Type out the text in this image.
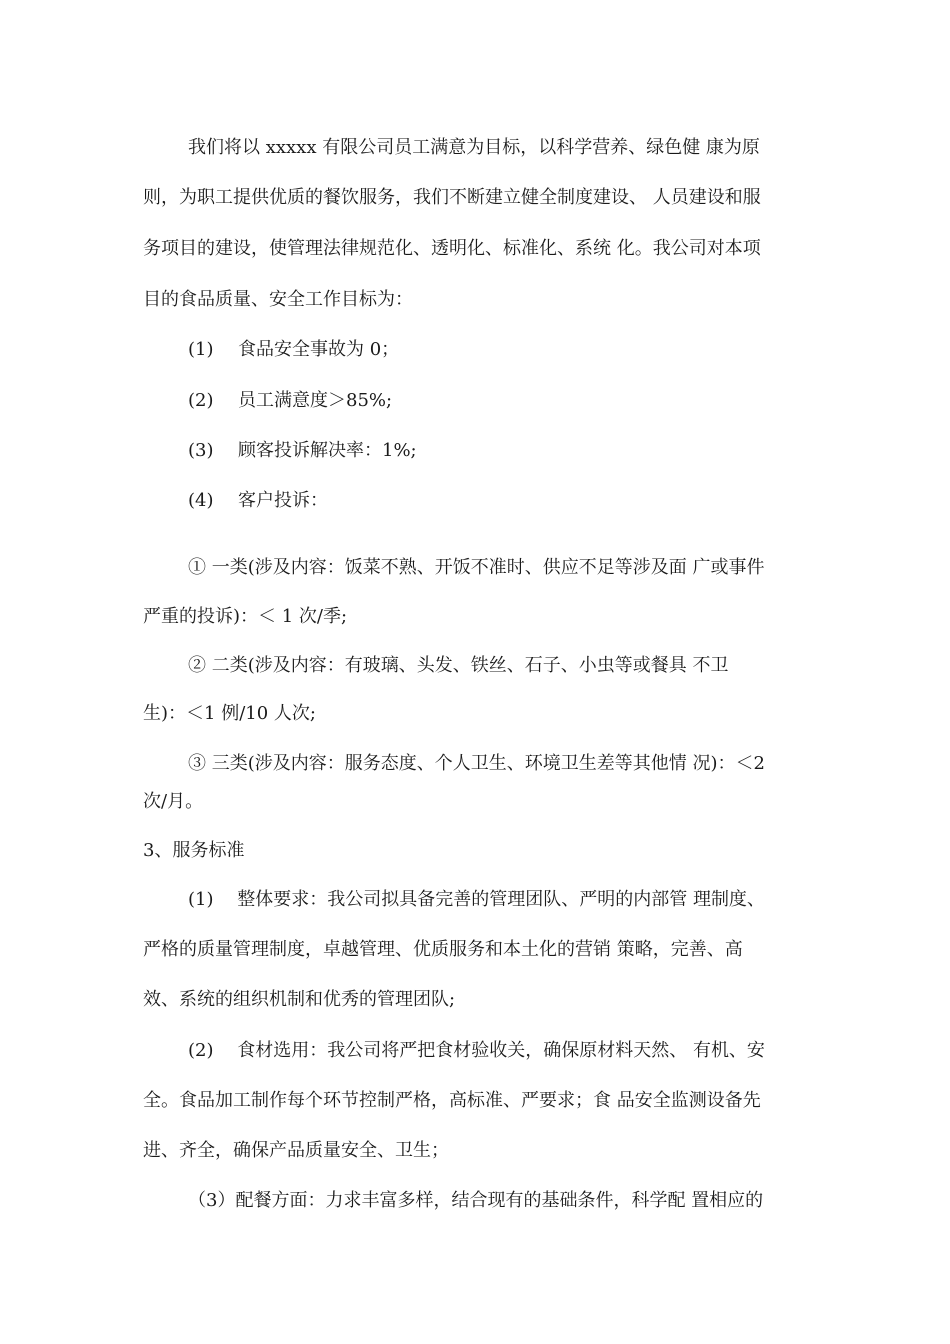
我们将以 xxxxx 有限公司员工满意为目标，以科学营养、绿色健 康为原
则，为职工提供优质的餐饮服务，我们不断建立健全制度建设、 人员建设和服
务项目的建设，使管理法律规范化、透明化、标准化、系统 化。我公司对本项
目的食品质量、安全工作目标为：
(1) 食品安全事故为 0；
(2) 员工满意度＞85%;
(3) 顾客投诉解决率：1%;
(4) 客户投诉：
① 一类(涉及内容：饭菜不熟、开饭不准时、供应不足等涉及面 广或事件
严重的投诉)：＜ 1 次/季;
② 二类(涉及内容：有玻璃、头发、铁丝、石子、小虫等或餐具 不卫
生)：＜1 例/10 人次;
③ 三类(涉及内容：服务态度、个人卫生、环境卫生差等其他情 况)：＜2
次/月。
3、服务标准
(1)　 整体要求：我公司拟具备完善的管理团队、严明的内部管 理制度、
严格的质量管理制度，卓越管理、优质服务和本土化的营销 策略，完善、高
效、系统的组织机制和优秀的管理团队;
(2)　 食材选用：我公司将严把食材验收关，确保原材料天然、 有机、安
全。食品加工制作每个环节控制严格，高标准、严要求；食 品安全监测设备先
进、齐全，确保产品质量安全、卫生；
（3）配餐方面：力求丰富多样，结合现有的基础条件，科学配 置相应的
